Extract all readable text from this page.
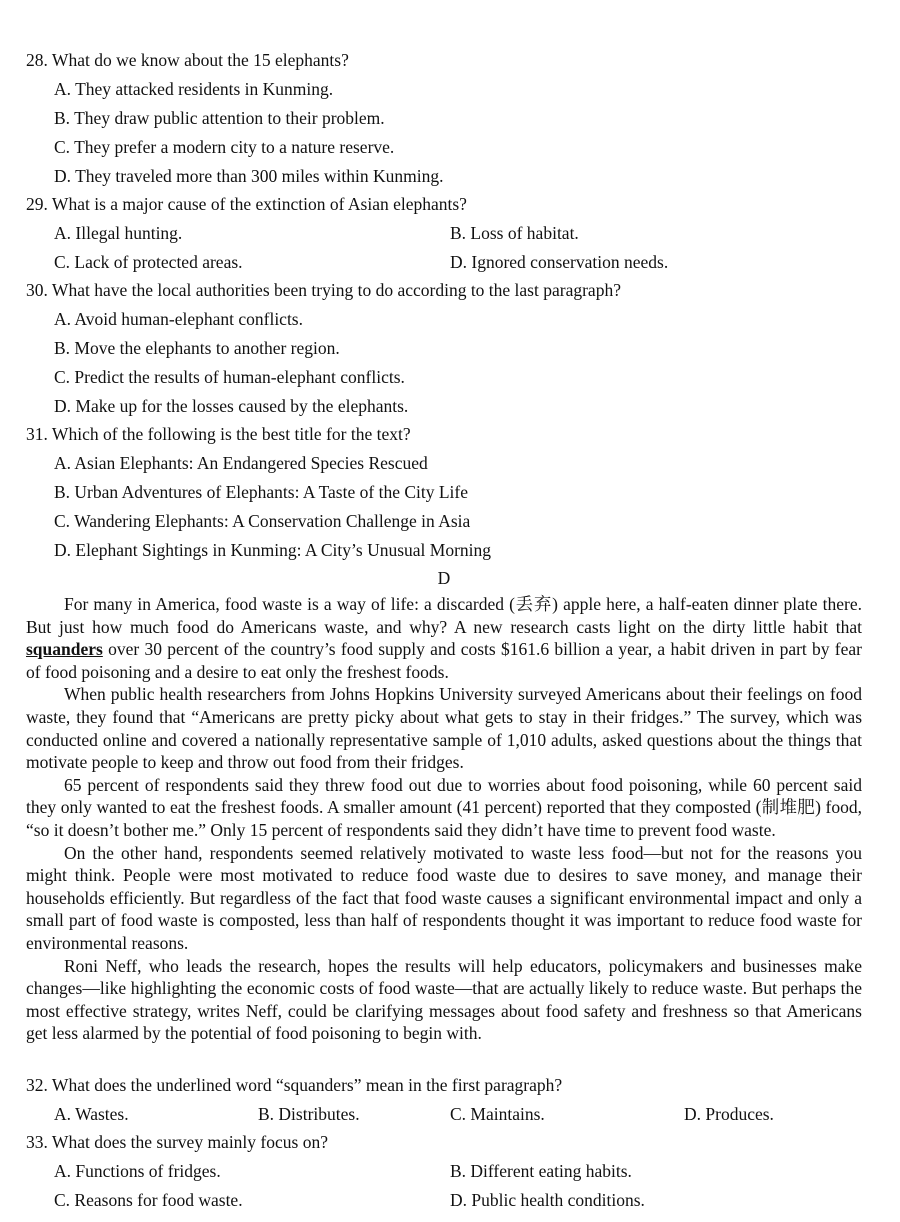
28. What do we know about the 15 elephants?
A. They attacked residents in Kunming.
B. They draw public attention to their problem.
C. They prefer a modern city to a nature reserve.
D. They traveled more than 300 miles within Kunming.
29. What is a major cause of the extinction of Asian elephants?
A. Illegal hunting.	B. Loss of habitat.
C. Lack of protected areas.	D. Ignored conservation needs.
30. What have the local authorities been trying to do according to the last paragraph?
A. Avoid human-elephant conflicts.
B. Move the elephants to another region.
C. Predict the results of human-elephant conflicts.
D. Make up for the losses caused by the elephants.
31. Which of the following is the best title for the text?
A. Asian Elephants: An Endangered Species Rescued
B. Urban Adventures of Elephants: A Taste of the City Life
C. Wandering Elephants: A Conservation Challenge in Asia
D. Elephant Sightings in Kunming: A City’s Unusual Morning
D

For many in America, food waste is a way of life: a discarded (丢弃) apple here, a half-eaten dinner plate there. But just how much food do Americans waste, and why? A new research casts light on the dirty little habit that squanders over 30 percent of the country’s food supply and costs $161.6 billion a year, a habit driven in part by fear of food poisoning and a desire to eat only the freshest foods.

When public health researchers from Johns Hopkins University surveyed Americans about their feelings on food waste, they found that “Americans are pretty picky about what gets to stay in their fridges.” The survey, which was conducted online and covered a nationally representative sample of 1,010 adults, asked questions about the things that motivate people to keep and throw out food from their fridges.

65 percent of respondents said they threw food out due to worries about food poisoning, while 60 percent said they only wanted to eat the freshest foods. A smaller amount (41 percent) reported that they composted (制堆肥) food, “so it doesn’t bother me.” Only 15 percent of respondents said they didn’t have time to prevent food waste.

On the other hand, respondents seemed relatively motivated to waste less food—but not for the reasons you might think. People were most motivated to reduce food waste due to desires to save money, and manage their households efficiently. But regardless of the fact that food waste causes a significant environmental impact and only a small part of food waste is composted, less than half of respondents thought it was important to reduce food waste for environmental reasons.

Roni Neff, who leads the research, hopes the results will help educators, policymakers and businesses make changes—like highlighting the economic costs of food waste—that are actually likely to reduce waste. But perhaps the most effective strategy, writes Neff, could be clarifying messages about food safety and freshness so that Americans get less alarmed by the potential of food poisoning to begin with.

32. What does the underlined word “squanders” mean in the first paragraph?
A. Wastes.	B. Distributes.	C. Maintains.	D. Produces.
33. What does the survey mainly focus on?
A. Functions of fridges.	B. Different eating habits.
C. Reasons for food waste.	D. Public health conditions.
